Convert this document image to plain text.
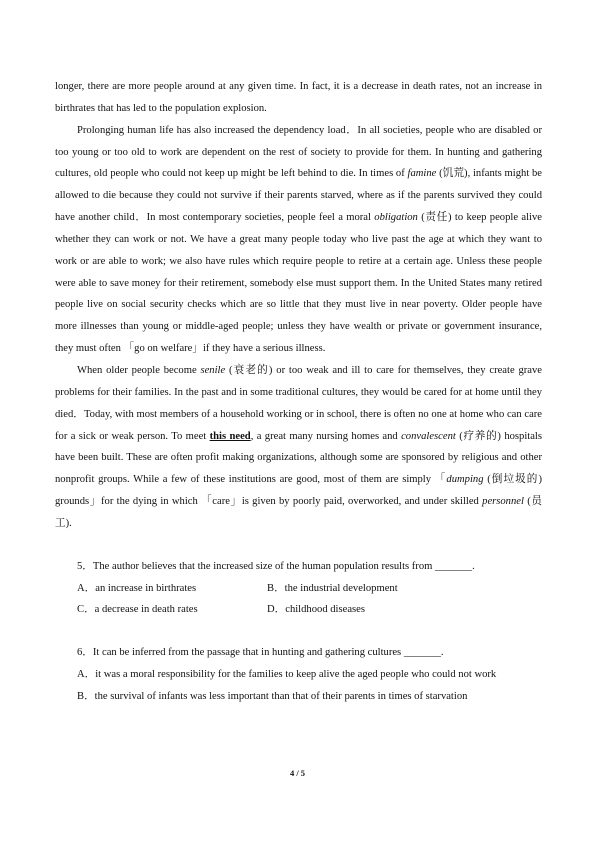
longer, there are more people around at any given time. In fact, it is a decrease in death rates, not an increase in birthrates that has led to the population explosion.

Prolonging human life has also increased the dependency load．In all societies, people who are disabled or too young or too old to work are dependent on the rest of society to provide for them. In hunting and gathering cultures, old people who could not keep up might be left behind to die. In times of famine (饥荒), infants might be allowed to die because they could not survive if their parents starved, where as if the parents survived they could have another child．In most contemporary societies, people feel a moral obligation (责任) to keep people alive whether they can work or not. We have a great many people today who live past the age at which they want to work or are able to work; we also have rules which require people to retire at a certain age. Unless these people were able to save money for their retirement, somebody else must support them. In the United States many retired people live on social security checks which are so little that they must live in near poverty. Older people have more illnesses than young or middle-aged people; unless they have wealth or private or government insurance, they must often 「go on welfare」if they have a serious illness.

When older people become senile (衰老的) or too weak and ill to care for themselves, they create grave problems for their families. In the past and in some traditional cultures, they would be cared for at home until they died．Today, with most members of a household working or in school, there is often no one at home who can care for a sick or weak person. To meet this need, a great many nursing homes and convalescent (疗养的) hospitals have been built. These are often profit making organizations, although some are sponsored by religious and other nonprofit groups. While a few of these institutions are good, most of them are simply 「dumping (倒垃圾的) grounds」for the dying in which 「care」is given by poorly paid, overworked, and under skilled personnel (员工).

5．The author believes that the increased size of the human population results from _______.

A．an increase in birthrates	B．the industrial development
C．a decrease in death rates	D．childhood diseases

6．It can be inferred from the passage that in hunting and gathering cultures _______.

A．it was a moral responsibility for the families to keep alive the aged people who could not work

B．the survival of infants was less important than that of their parents in times of starvation

4 / 5
